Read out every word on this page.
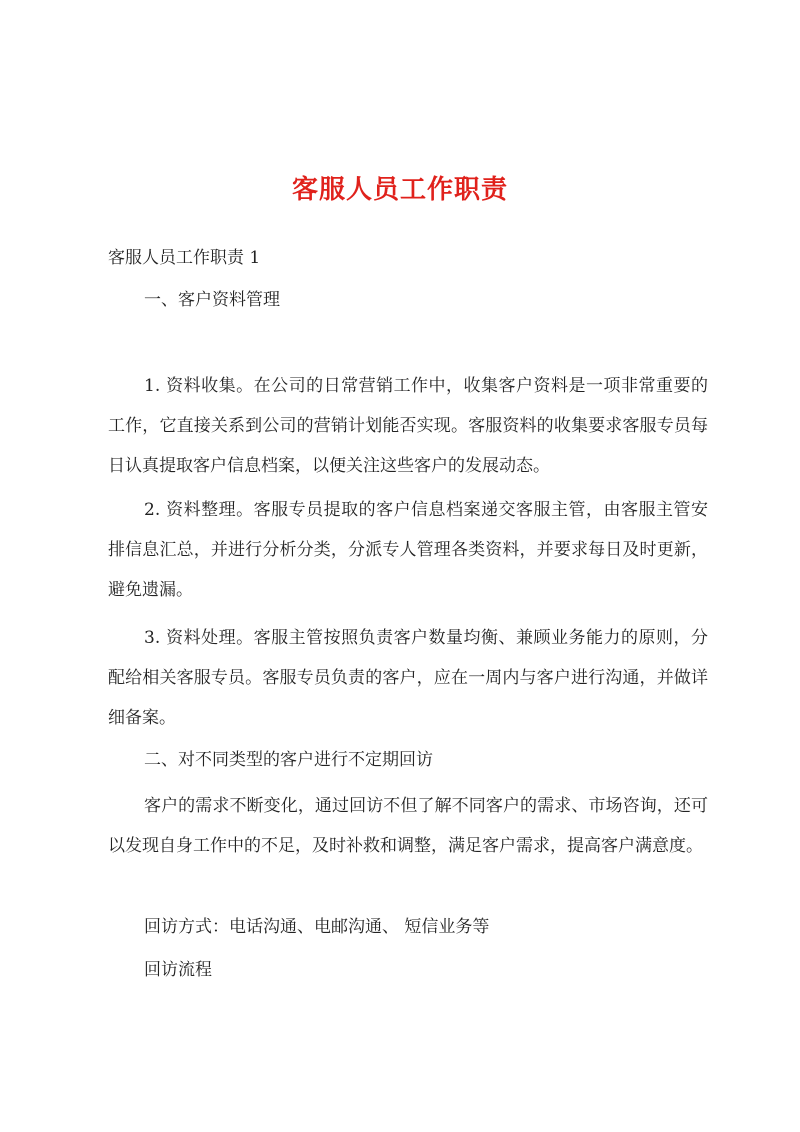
客服人员工作职责

客服人员工作职责 1

一、客户资料管理

1. 资料收集。在公司的日常营销工作中，收集客户资料是一项非常重要的工作，它直接关系到公司的营销计划能否实现。客服资料的收集要求客服专员每日认真提取客户信息档案，以便关注这些客户的发展动态。

2. 资料整理。客服专员提取的客户信息档案递交客服主管，由客服主管安排信息汇总，并进行分析分类，分派专人管理各类资料，并要求每日及时更新，避免遗漏。

3. 资料处理。客服主管按照负责客户数量均衡、兼顾业务能力的原则，分配给相关客服专员。客服专员负责的客户，应在一周内与客户进行沟通，并做详细备案。

二、对不同类型的客户进行不定期回访

客户的需求不断变化，通过回访不但了解不同客户的需求、市场咨询，还可以发现自身工作中的不足，及时补救和调整，满足客户需求，提高客户满意度。

回访方式：电话沟通、电邮沟通、 短信业务等

回访流程
